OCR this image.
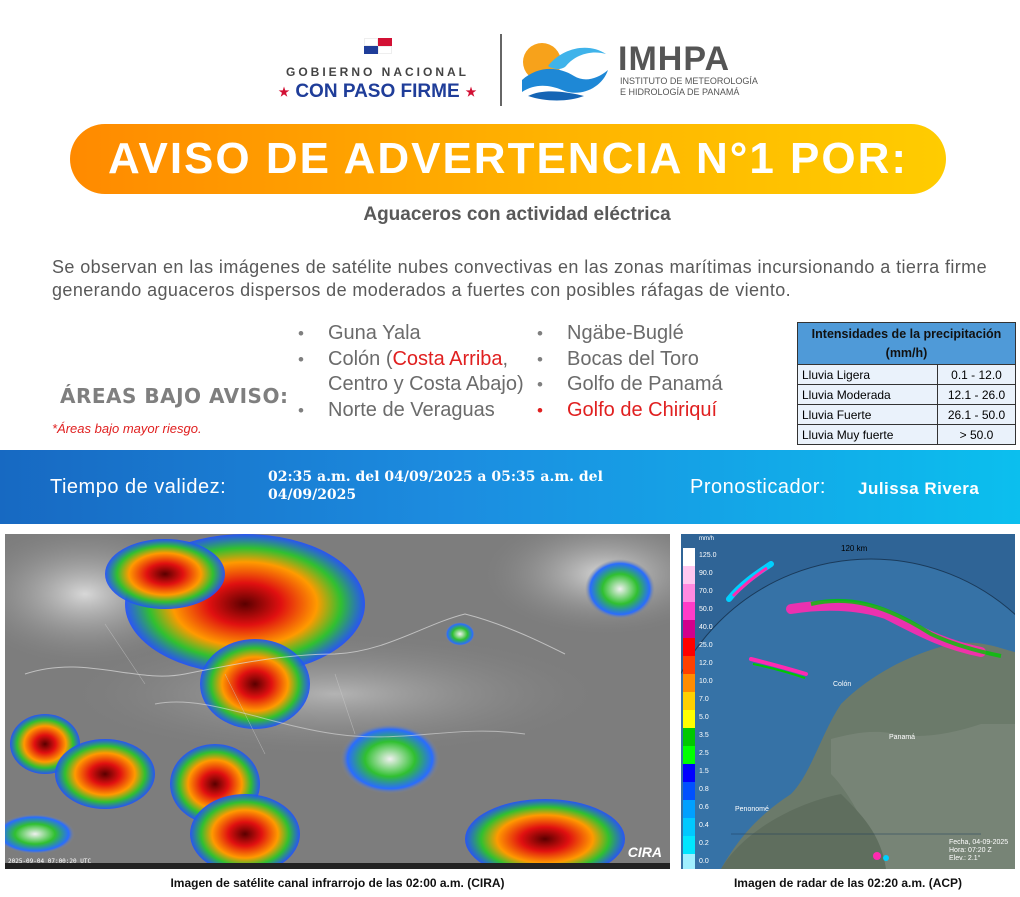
GOBIERNO NACIONAL
★ CON PASO FIRME ★
IMHPA
INSTITUTO DE METEOROLOGÍA
E HIDROLOGÍA DE PANAMÁ
AVISO DE ADVERTENCIA N°1 POR:
Aguaceros con actividad eléctrica
Se observan en las imágenes de satélite nubes convectivas en las zonas marítimas incursionando a tierra firme generando aguaceros dispersos de moderados a fuertes con posibles ráfagas de viento.
ÁREAS BAJO AVISO:
*Áreas bajo mayor riesgo.
• Guna Yala
• Colón (Costa Arriba, Centro y Costa Abajo)
• Norte de Veraguas
• Ngäbe-Buglé
• Bocas del Toro
• Golfo de Panamá
• Golfo de Chiriquí
Intensidades de la precipitación (mm/h)	
Lluvia Ligera	0.1 - 12.0
Lluvia Moderada	12.1 - 26.0
Lluvia Fuerte	26.1 - 50.0
Lluvia Muy fuerte	> 50.0
Tiempo de validez:	02:35 a.m. del 04/09/2025 a 05:35 a.m. del 04/09/2025	Pronosticador: Julissa Rivera
2025-09-04 07:00:20 UTC
CIRA
Imagen de satélite canal infrarrojo de las 02:00 a.m. (CIRA)
mm/h
120 km
125.0
90.0
70.0
50.0
40.0
25.0
12.0
10.0
7.0
5.0
3.5
2.5
1.5
0.8
0.6
0.4
0.2
0.0
Colón
Panamá
Penonomé
Fecha, 04-09-2025
Hora: 07:20 Z
Elev.: 2.1°
Imagen de radar de las 02:20 a.m. (ACP)
